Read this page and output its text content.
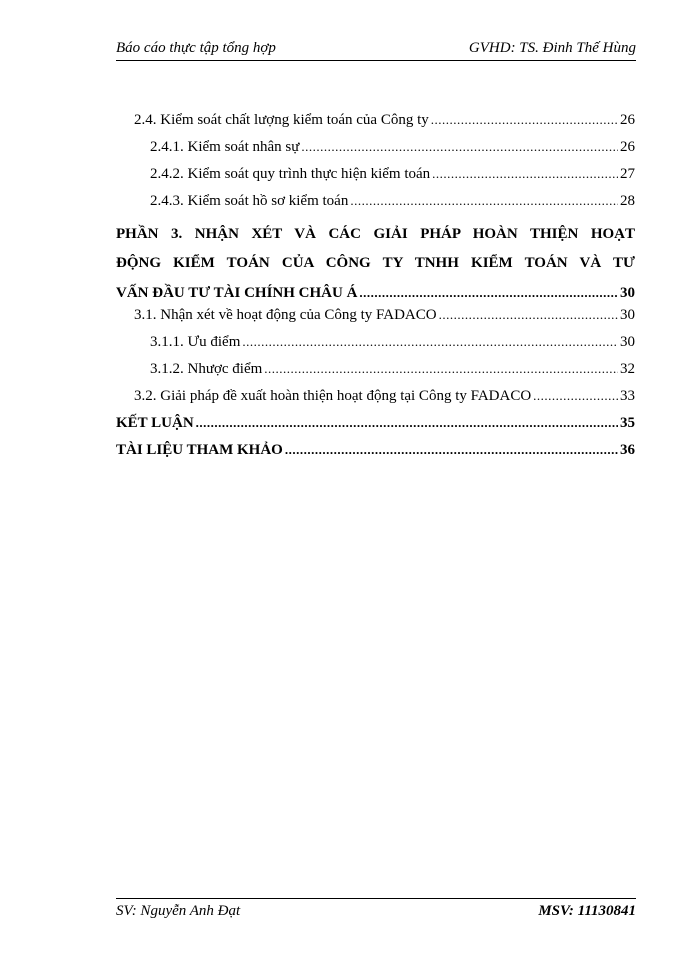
Báo cáo thực tập tổng hợp	GVHD: TS. Đinh Thế Hùng
2.4. Kiểm soát chất lượng kiểm toán của Công ty .....	26
2.4.1. Kiểm soát nhân sự .....	26
2.4.2. Kiểm soát quy trình thực hiện kiểm toán .....	27
2.4.3. Kiểm soát hồ sơ kiểm toán .....	28
PHẦN 3. NHẬN XÉT VÀ CÁC GIẢI PHÁP HOÀN THIỆN HOẠT
ĐỘNG KIỂM TOÁN CỦA CÔNG TY TNHH KIỂM TOÁN VÀ TƯ
VẤN ĐẦU TƯ TÀI CHÍNH CHÂU Á .....	30
3.1. Nhận xét về hoạt động của Công ty FADACO .....	30
3.1.1. Ưu điểm .....	30
3.1.2. Nhược điểm .....	32
3.2. Giải pháp đề xuất hoàn thiện hoạt động tại Công ty FADACO .....	33
KẾT LUẬN .....	35
TÀI LIỆU THAM KHẢO .....	36
SV: Nguyễn Anh Đạt	MSV: 11130841
